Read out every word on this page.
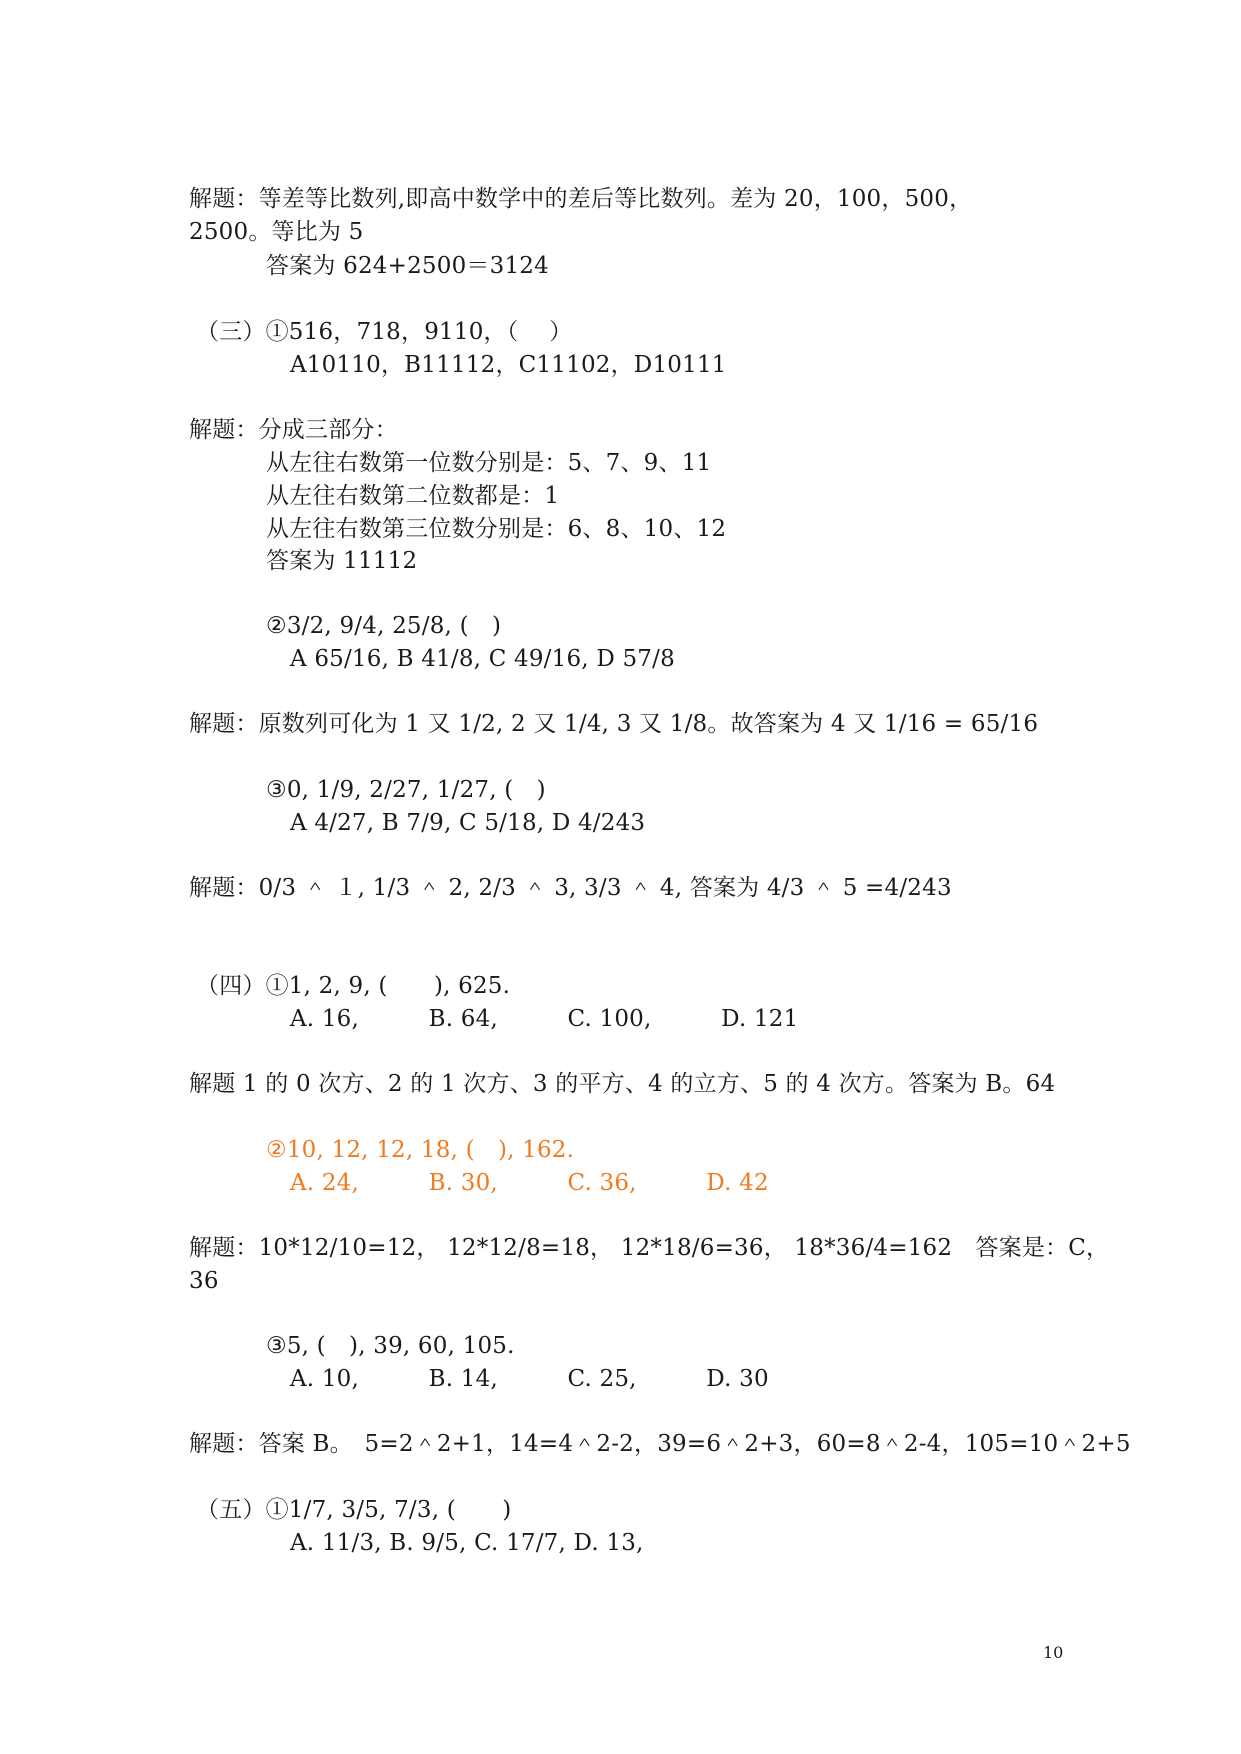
解题：等差等比数列,即高中数学中的差后等比数列。差为 20，100，500，
2500。等比为 5
答案为 624+2500＝3124
（三）①516，718，9110，（　 ）
A10110，B11112，C11102，D10111
解题：分成三部分：
从左往右数第一位数分别是：5、7、9、11
从左往右数第二位数都是：1
从左往右数第三位数分别是：6、8、10、12
答案为 11112
②3/2, 9/4, 25/8, (　)
A 65/16, B 41/8, C 49/16, D 57/8
解题：原数列可化为 1 又 1/2, 2 又 1/4, 3 又 1/8。故答案为 4 又 1/16 = 65/16
③0, 1/9, 2/27, 1/27, (　)
A 4/27, B 7/9, C 5/18, D 4/243
解题：0/3 ＾ １, 1/3 ＾ 2, 2/3 ＾ 3, 3/3 ＾ 4, 答案为 4/3 ＾ 5 =4/243
（四）①1, 2, 9, (　　), 625.
A. 16,　　　B. 64,　　　C. 100,　　　D. 121
解题 1 的 0 次方、2 的 1 次方、3 的平方、4 的立方、5 的 4 次方。答案为 B。64
②10, 12, 12, 18, (　), 162.
A. 24,　　　B. 30,　　　C. 36,　　　D. 42
解题：10*12/10=12， 12*12/8=18， 12*18/6=36， 18*36/4=162　答案是：C，
36
③5, (　), 39, 60, 105.
A. 10,　　　B. 14,　　　C. 25,　　　D. 30
解题：答案 B。　5=2＾2+1，14=4＾2-2，39=6＾2+3，60=8＾2-4，105=10＾2+5
（五）①1/7, 3/5, 7/3, (　　)
A. 11/3, B. 9/5, C. 17/7, D. 13,
10
